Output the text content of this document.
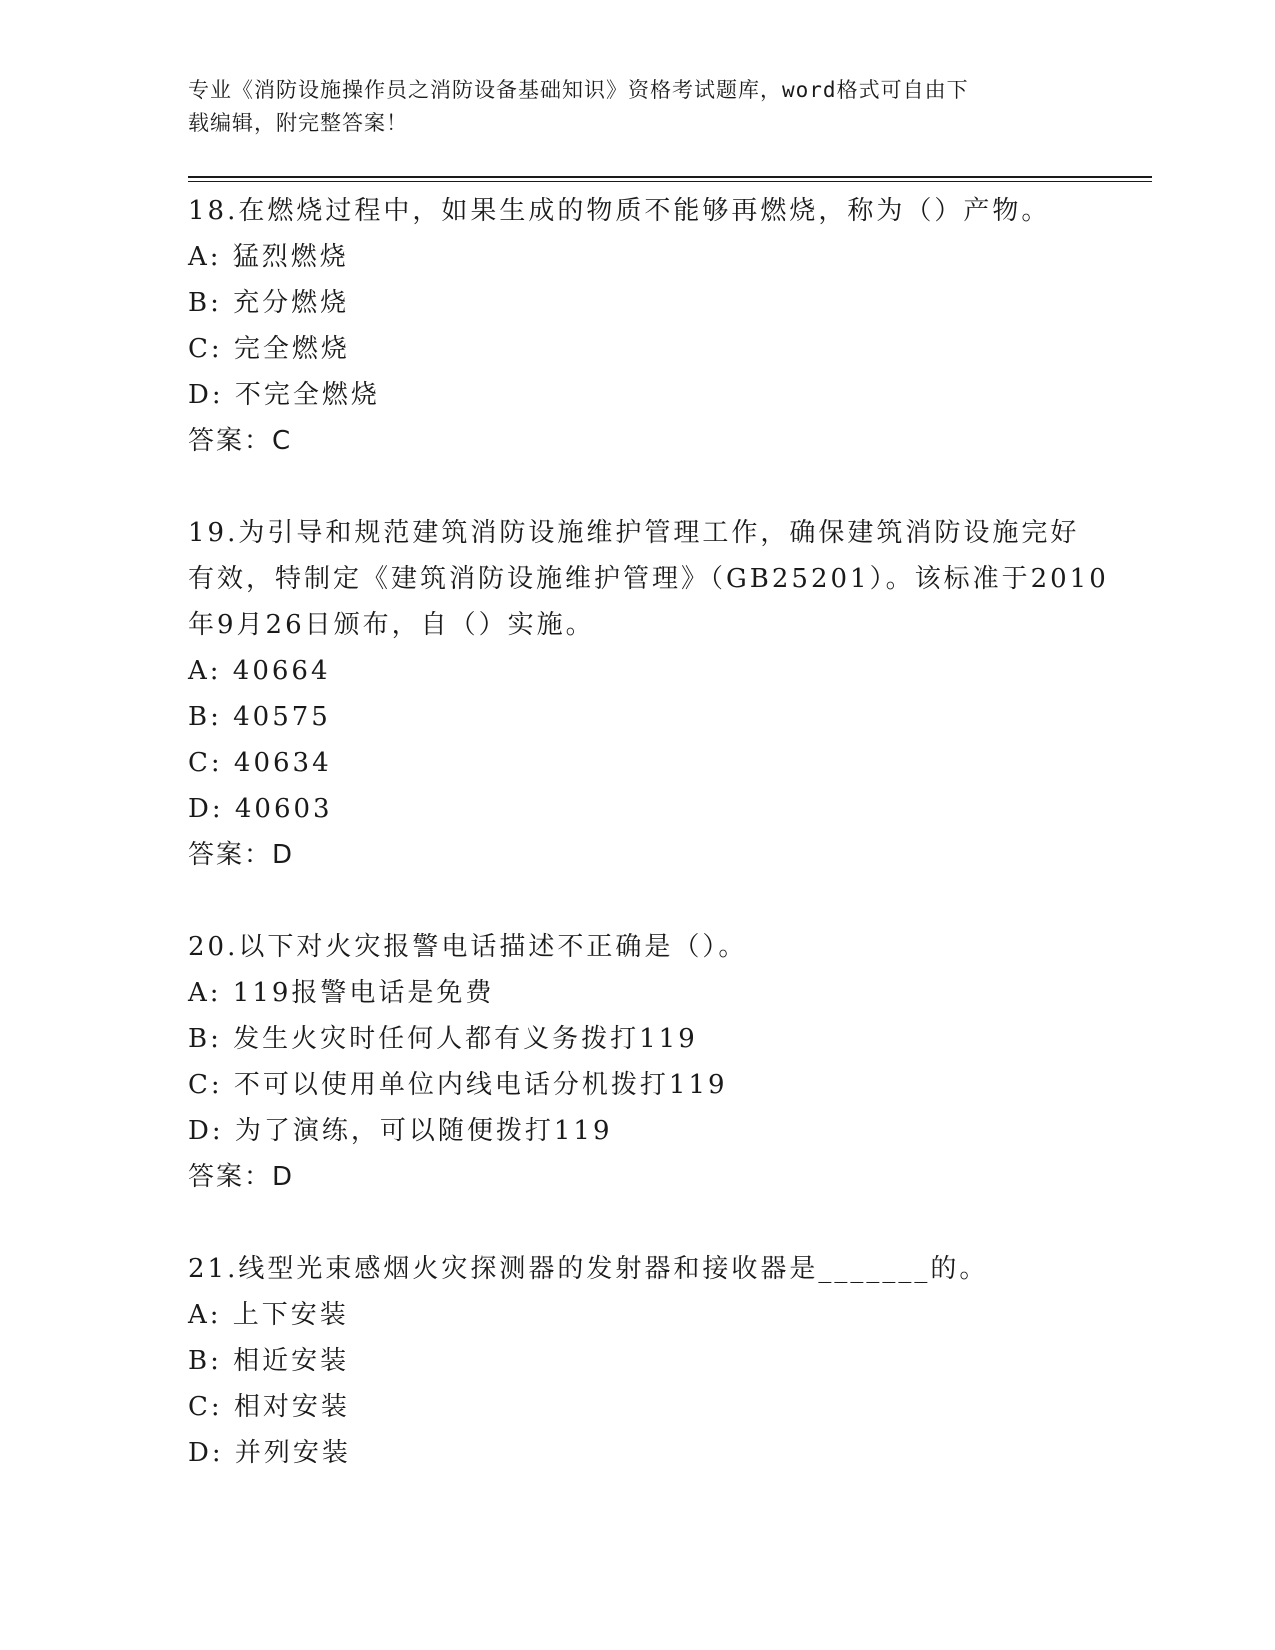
专业《消防设施操作员之消防设备基础知识》资格考试题库，word格式可自由下
载编辑，附完整答案！
18.在燃烧过程中，如果生成的物质不能够再燃烧，称为（）产物。
A: 猛烈燃烧
B: 充分燃烧
C: 完全燃烧
D: 不完全燃烧
答案：C
19.为引导和规范建筑消防设施维护管理工作，确保建筑消防设施完好
有效，特制定《建筑消防设施维护管理》（GB25201）。该标准于2010
年9月26日颁布，自（）实施。
A: 40664
B: 40575
C: 40634
D: 40603
答案：D
20.以下对火灾报警电话描述不正确是（）。
A: 119报警电话是免费
B: 发生火灾时任何人都有义务拨打119
C: 不可以使用单位内线电话分机拨打119
D: 为了演练，可以随便拨打119
答案：D
21.线型光束感烟火灾探测器的发射器和接收器是_______的。
A: 上下安装
B: 相近安装
C: 相对安装
D: 并列安装
